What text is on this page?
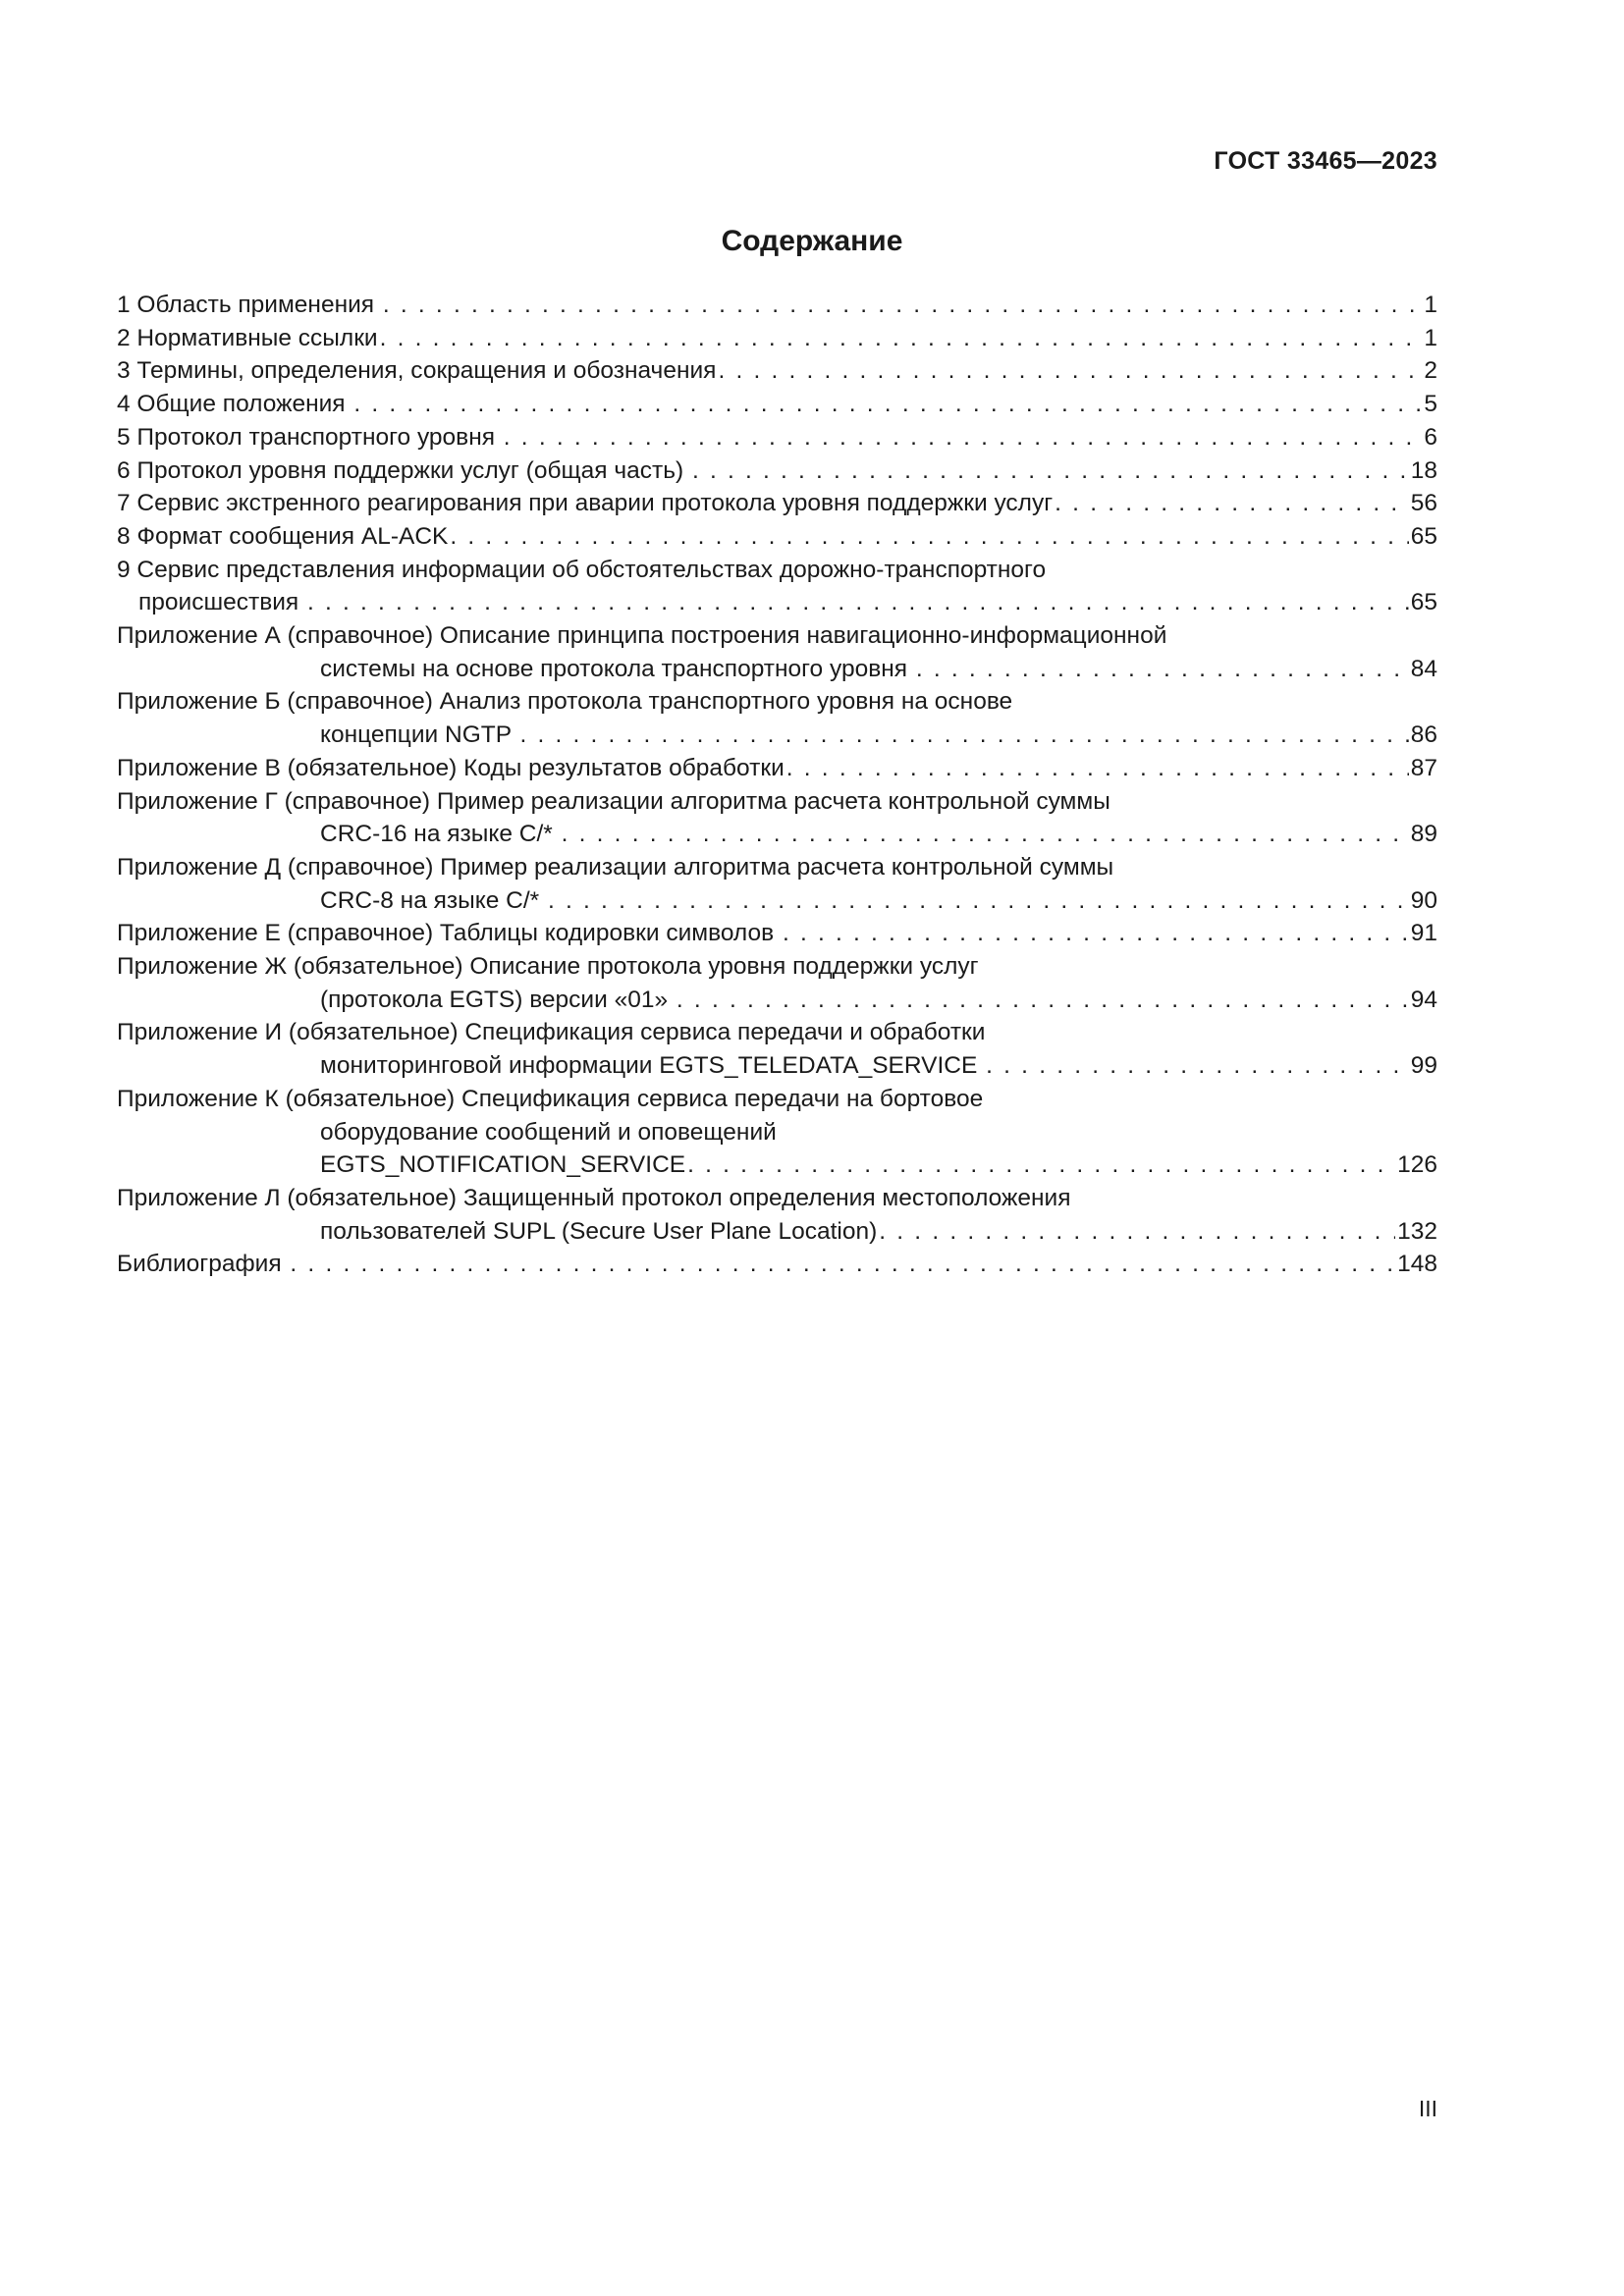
ГОСТ 33465—2023
Содержание
1 Область применения . . .	1
2 Нормативные ссылки . . .	1
3 Термины, определения, сокращения и обозначения . . .	2
4 Общие положения . . .	5
5 Протокол транспортного уровня . . .	6
6 Протокол уровня поддержки услуг (общая часть) . . .	18
7 Сервис экстренного реагирования при аварии протокола уровня поддержки услуг . . .	56
8 Формат сообщения AL-ACK . . .	65
9 Сервис представления информации об обстоятельствах дорожно-транспортного
происшествия . . .	65
Приложение А (справочное) Описание принципа построения навигационно-информационной
системы на основе протокола транспортного уровня . . .	84
Приложение Б (справочное) Анализ протокола транспортного уровня на основе
концепции NGTP . . .	86
Приложение В (обязательное) Коды результатов обработки . . .	87
Приложение Г (справочное) Пример реализации алгоритма расчета контрольной суммы
CRC-16 на языке С/* . . .	89
Приложение Д (справочное) Пример реализации алгоритма расчета контрольной суммы
CRC-8 на языке С/* . . .	90
Приложение Е (справочное) Таблицы кодировки символов . . .	91
Приложение Ж (обязательное) Описание протокола уровня поддержки услуг
(протокола EGTS) версии «01» . . .	94
Приложение И (обязательное) Спецификация сервиса передачи и обработки
мониторинговой информации EGTS_TELEDATA_SERVICE . . .	99
Приложение К (обязательное) Спецификация сервиса передачи на бортовое
оборудование сообщений и оповещений
EGTS_NOTIFICATION_SERVICE . . .	126
Приложение Л (обязательное) Защищенный протокол определения местоположения
пользователей SUPL (Secure User Plane Location) . . .	132
Библиография . . .	148
III
